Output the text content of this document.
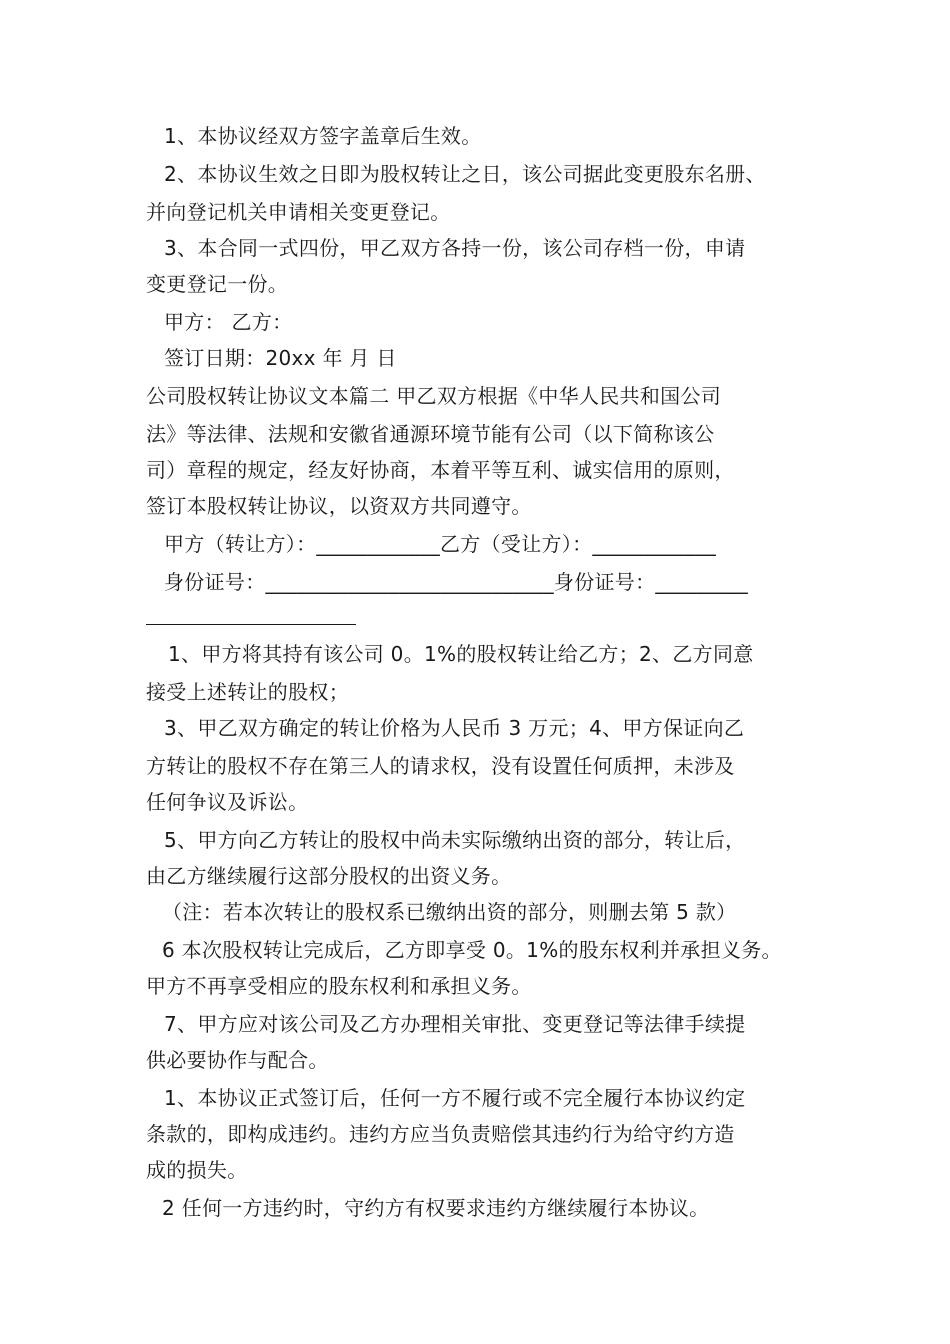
1、本协议经双方签字盖章后生效。
2、本协议生效之日即为股权转让之日，该公司据此变更股东名册、
并向登记机关申请相关变更登记。
3、本合同一式四份，甲乙双方各持一份，该公司存档一份，申请
变更登记一份。
甲方： 乙方：
签订日期：20xx 年 月 日
公司股权转让协议文本篇二 甲乙双方根据《中华人民共和国公司
法》等法律、法规和安徽省通源环境节能有公司（以下简称该公
司）章程的规定，经友好协商，本着平等互利、诚实信用的原则，
签订本股权转让协议，以资双方共同遵守。
甲方（转让方）：____________乙方（受让方）：____________
身份证号：____________________________身份证号：_________
1、甲方将其持有该公司 0。1%的股权转让给乙方；2、乙方同意
接受上述转让的股权；
3、甲乙双方确定的转让价格为人民币 3 万元；4、甲方保证向乙
方转让的股权不存在第三人的请求权，没有设置任何质押，未涉及
任何争议及诉讼。
5、甲方向乙方转让的股权中尚未实际缴纳出资的部分，转让后，
由乙方继续履行这部分股权的出资义务。
（注：若本次转让的股权系已缴纳出资的部分，则删去第 5 款）
6 本次股权转让完成后，乙方即享受 0。1%的股东权利并承担义务。
甲方不再享受相应的股东权利和承担义务。
7、甲方应对该公司及乙方办理相关审批、变更登记等法律手续提
供必要协作与配合。
1、本协议正式签订后，任何一方不履行或不完全履行本协议约定
条款的，即构成违约。违约方应当负责赔偿其违约行为给守约方造
成的损失。
2 任何一方违约时，守约方有权要求违约方继续履行本协议。
